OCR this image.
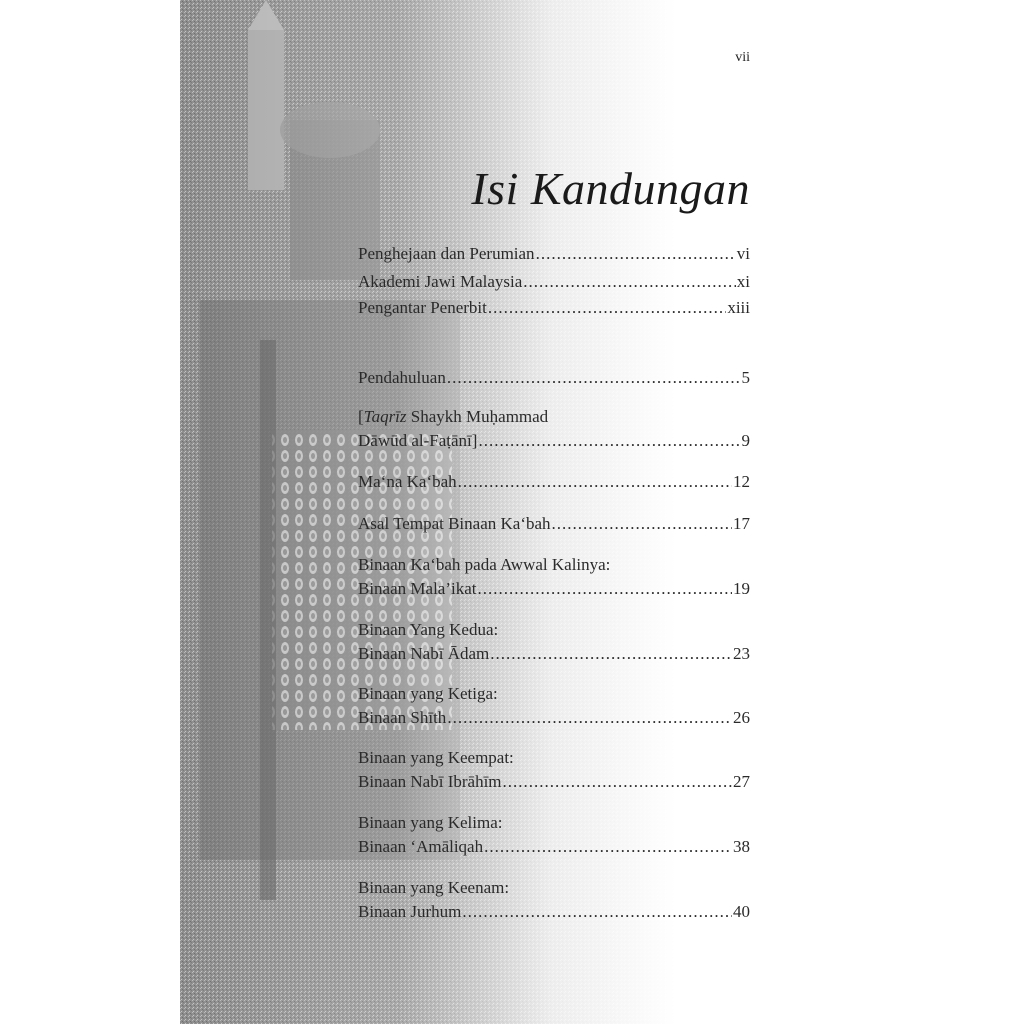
vii
Isi Kandungan
Penghejaan dan Perumian .....	vi
Akademi Jawi Malaysia .....	xi
Pengantar Penerbit .....	xiii
Pendahuluan .....	5
[Taqrīz Shaykh Muḥammad
Dāwūd al-Faṭānī] .....	9
Ma‘na Ka‘bah .....	12
Asal Tempat Binaan Ka‘bah .....	17
Binaan Ka‘bah pada Awwal Kalinya:
Binaan Mala’ikat .....	19
Binaan Yang Kedua:
Binaan Nabī Ādam .....	23
Binaan yang Ketiga:
Binaan Shīth .....	26
Binaan yang Keempat:
Binaan Nabī Ibrāhīm .....	27
Binaan yang Kelima:
Binaan ‘Amāliqah .....	38
Binaan yang Keenam:
Binaan Jurhum .....	40
